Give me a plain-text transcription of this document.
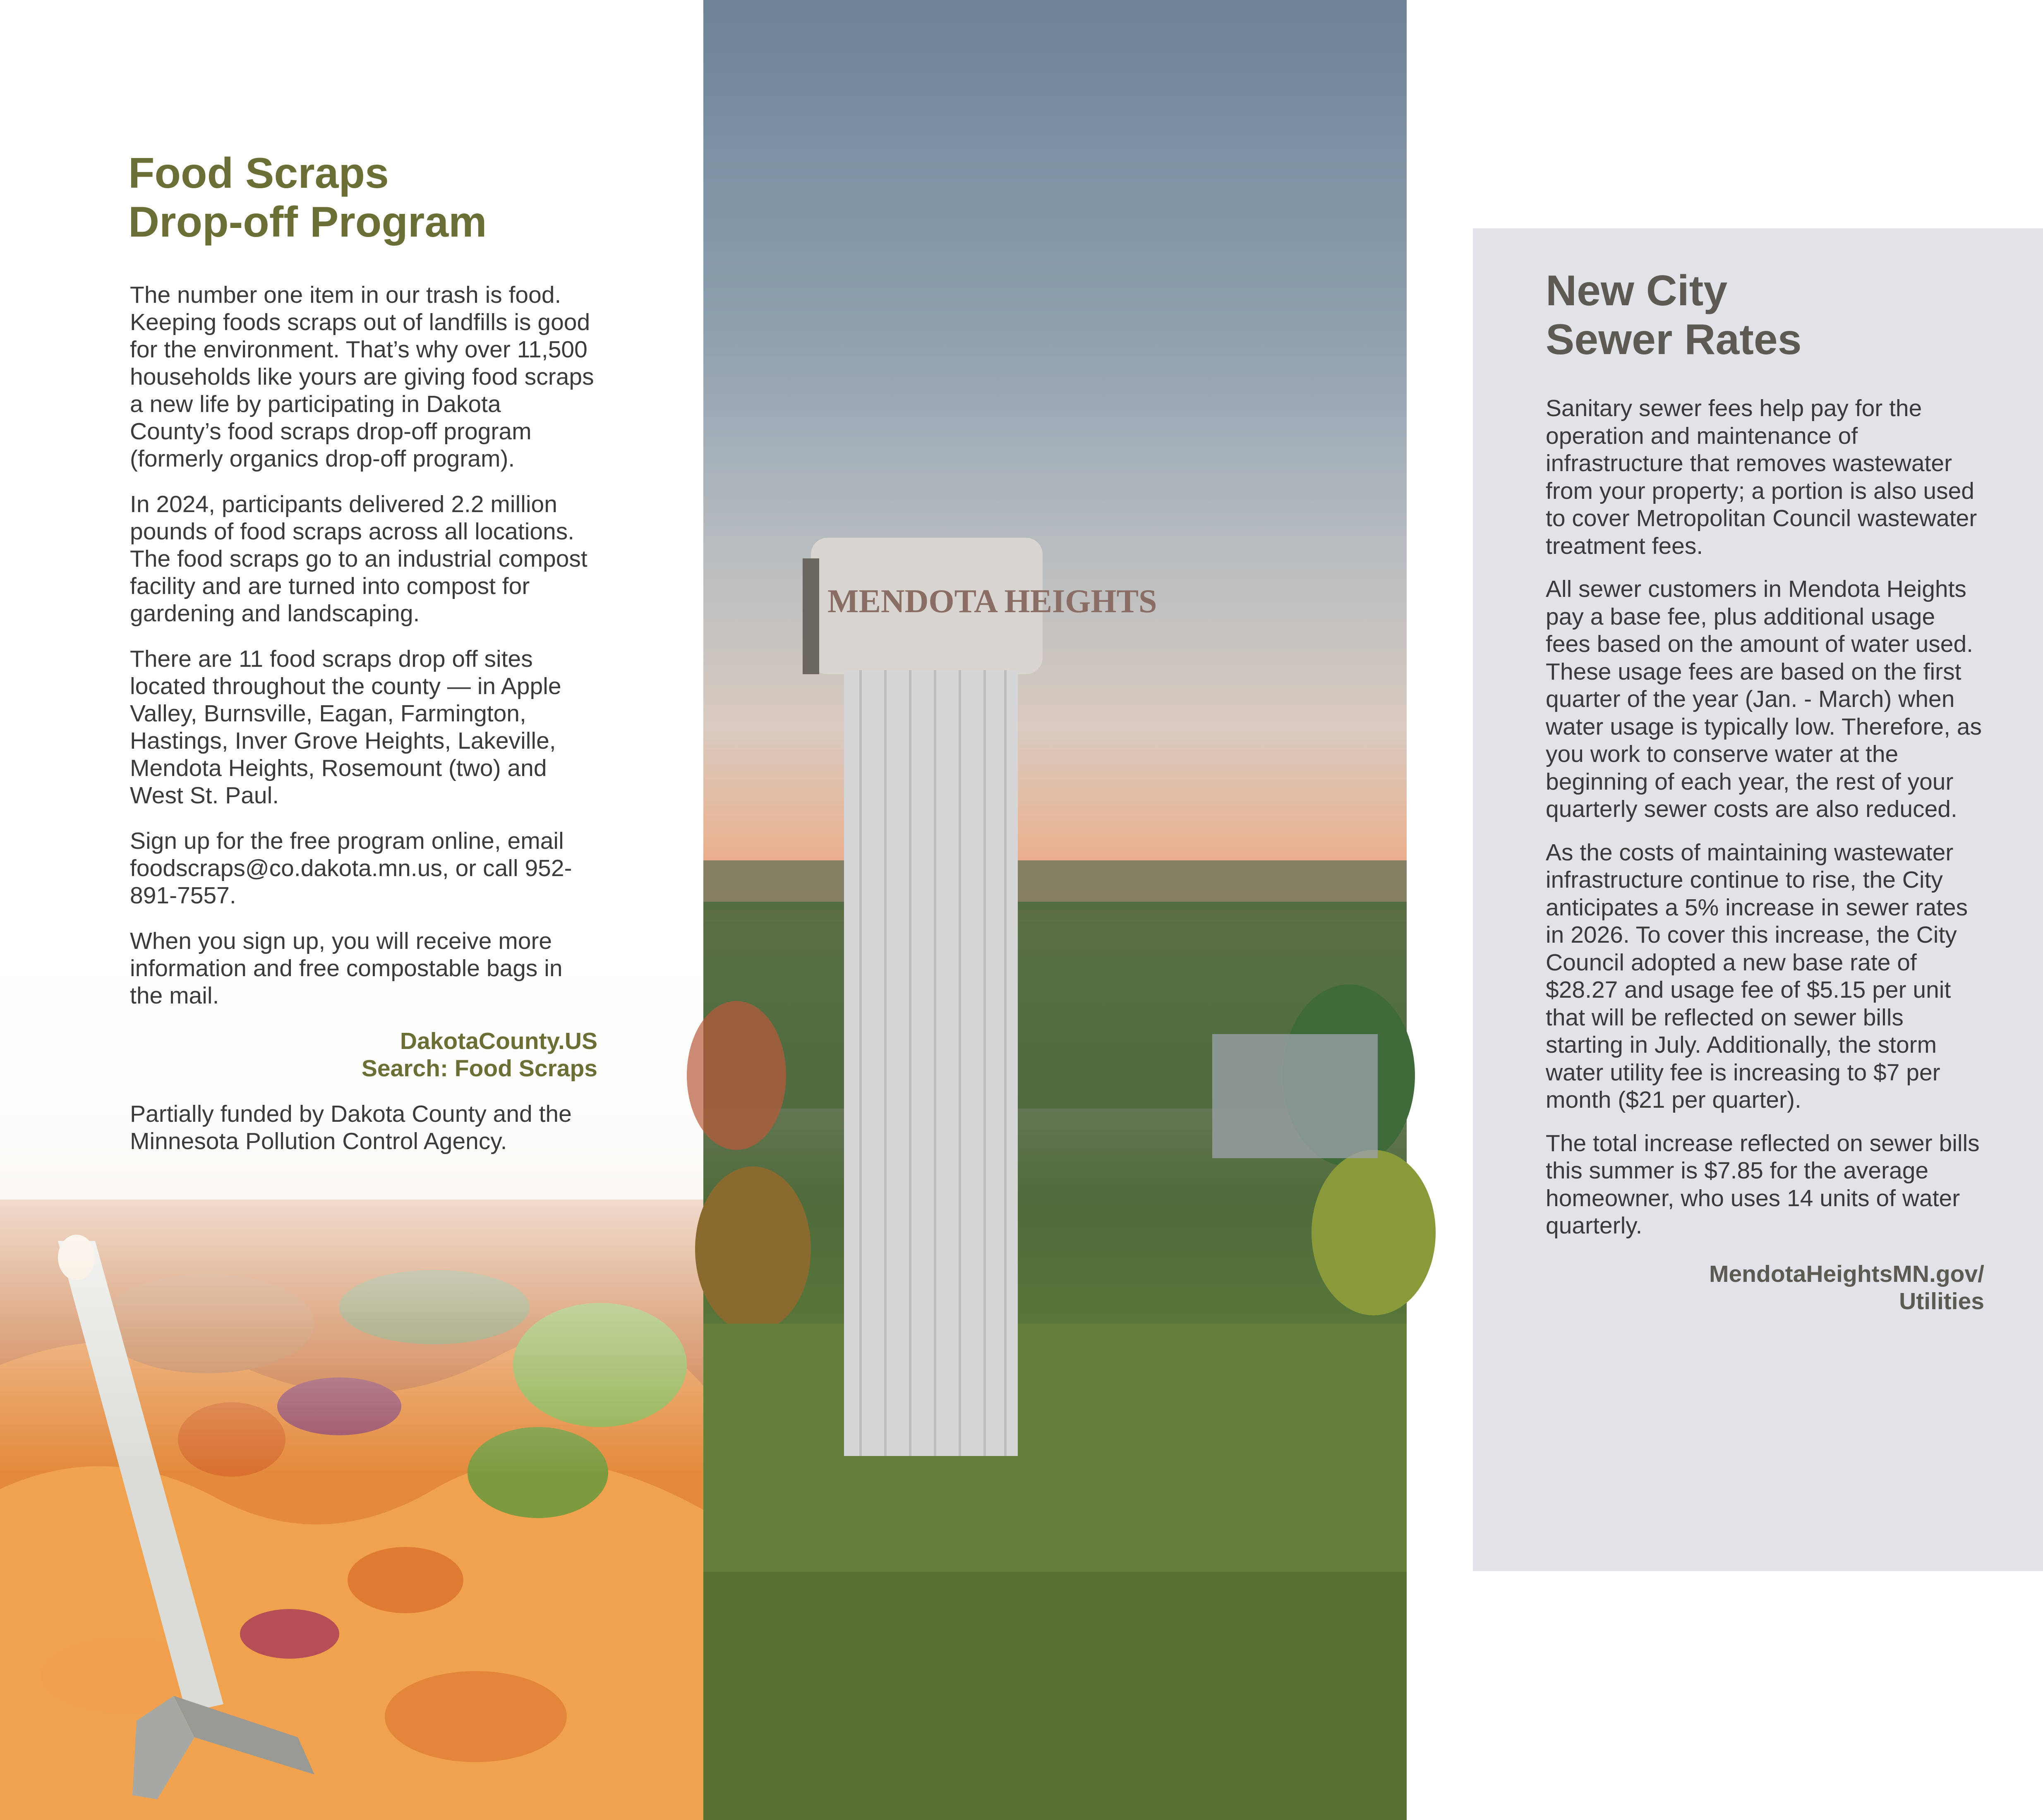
Food Scraps
Drop-off Program

The number one item in our trash is food. Keeping foods scraps out of landfills is good for the environment. That’s why over 11,500 households like yours are giving food scraps a new life by participating in Dakota County’s food scraps drop-off program (formerly organics drop-off program).

In 2024, participants delivered 2.2 million pounds of food scraps across all locations. The food scraps go to an industrial compost facility and are turned into compost for gardening and landscaping.

There are 11 food scraps drop off sites located throughout the county — in Apple Valley, Burnsville, Eagan, Farmington, Hastings, Inver Grove Heights, Lakeville, Mendota Heights, Rosemount (two) and West St. Paul.

Sign up for the free program online, email foodscraps@co.dakota.mn.us, or call 952-891-7557.

When you sign up, you will receive more information and free compostable bags in the mail.

DakotaCounty.US
Search: Food Scraps

Partially funded by Dakota County and the Minnesota Pollution Control Agency.

MENDOTA HEIGHTS
New City
Sewer Rates

Sanitary sewer fees help pay for the operation and maintenance of infrastructure that removes wastewater from your property; a portion is also used to cover Metropolitan Council wastewater treatment fees.

All sewer customers in Mendota Heights pay a base fee, plus additional usage fees based on the amount of water used. These usage fees are based on the first quarter of the year (Jan. - March) when water usage is typically low. Therefore, as you work to conserve water at the beginning of each year, the rest of your quarterly sewer costs are also reduced.

As the costs of maintaining wastewater infrastructure continue to rise, the City anticipates a 5% increase in sewer rates in 2026. To cover this increase, the City Council adopted a new base rate of $28.27 and usage fee of $5.15 per unit that will be reflected on sewer bills starting in July. Additionally, the storm water utility fee is increasing to $7 per month ($21 per quarter).

The total increase reflected on sewer bills this summer is $7.85 for the average homeowner, who uses 14 units of water quarterly.

MendotaHeightsMN.gov/
Utilities
